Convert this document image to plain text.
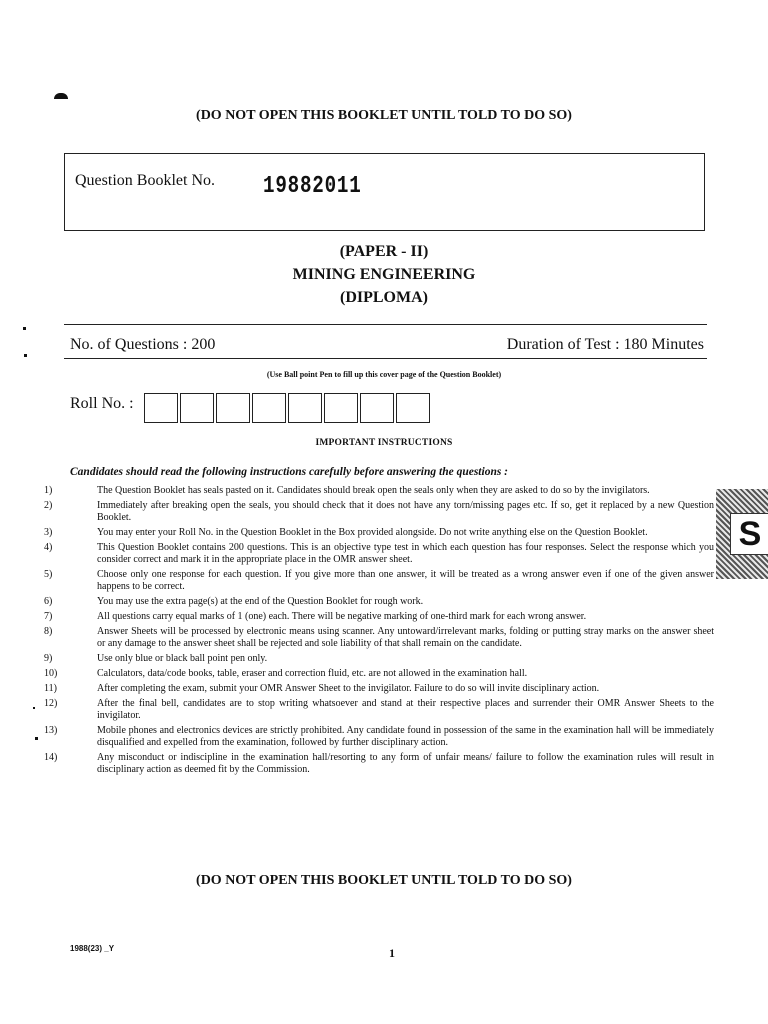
(DO NOT OPEN THIS BOOKLET UNTIL TOLD TO DO SO)
Question Booklet No. 19882011
(PAPER - II)
MINING ENGINEERING
(DIPLOMA)
No. of Questions : 200	Duration of Test : 180 Minutes
(Use Ball point Pen to fill up this cover page of the Question Booklet)
Roll No. :
IMPORTANT INSTRUCTIONS
Candidates should read the following instructions carefully before answering the questions :
1)	The Question Booklet has seals pasted on it. Candidates should break open the seals only when they are asked to do so by the invigilators.
2)	Immediately after breaking open the seals, you should check that it does not have any torn/missing pages etc. If so, get it replaced by a new Question Booklet.
3)	You may enter your Roll No. in the Question Booklet in the Box provided alongside. Do not write anything else on the Question Booklet.
4)	This Question Booklet contains 200 questions. This is an objective type test in which each question has four responses. Select the response which you consider correct and mark it in the appropriate place in the OMR answer sheet.
5)	Choose only one response for each question. If you give more than one answer, it will be treated as a wrong answer even if one of the given answer happens to be correct.
6)	You may use the extra page(s) at the end of the Question Booklet for rough work.
7)	All questions carry equal marks of 1 (one) each. There will be negative marking of one-third mark for each wrong answer.
8)	Answer Sheets will be processed by electronic means using scanner. Any untoward/irrelevant marks, folding or putting stray marks on the answer sheet or any damage to the answer sheet shall be rejected and sole liability of that shall remain on the candidate.
9)	Use only blue or black ball point pen only.
10)	Calculators, data/code books, table, eraser and correction fluid, etc. are not allowed in the examination hall.
11)	After completing the exam, submit your OMR Answer Sheet to the invigilator. Failure to do so will invite disciplinary action.
12)	After the final bell, candidates are to stop writing whatsoever and stand at their respective places and surrender their OMR Answer Sheets to the invigilator.
13)	Mobile phones and electronics devices are strictly prohibited. Any candidate found in possession of the same in the examination hall will be immediately disqualified and expelled from the examination, followed by further disciplinary action.
14)	Any misconduct or indiscipline in the examination hall/resorting to any form of unfair means/ failure to follow the examination rules will result in disciplinary action as deemed fit by the Commission.
S
(DO NOT OPEN THIS BOOKLET UNTIL TOLD TO DO SO)
1988(23) _Y	1
